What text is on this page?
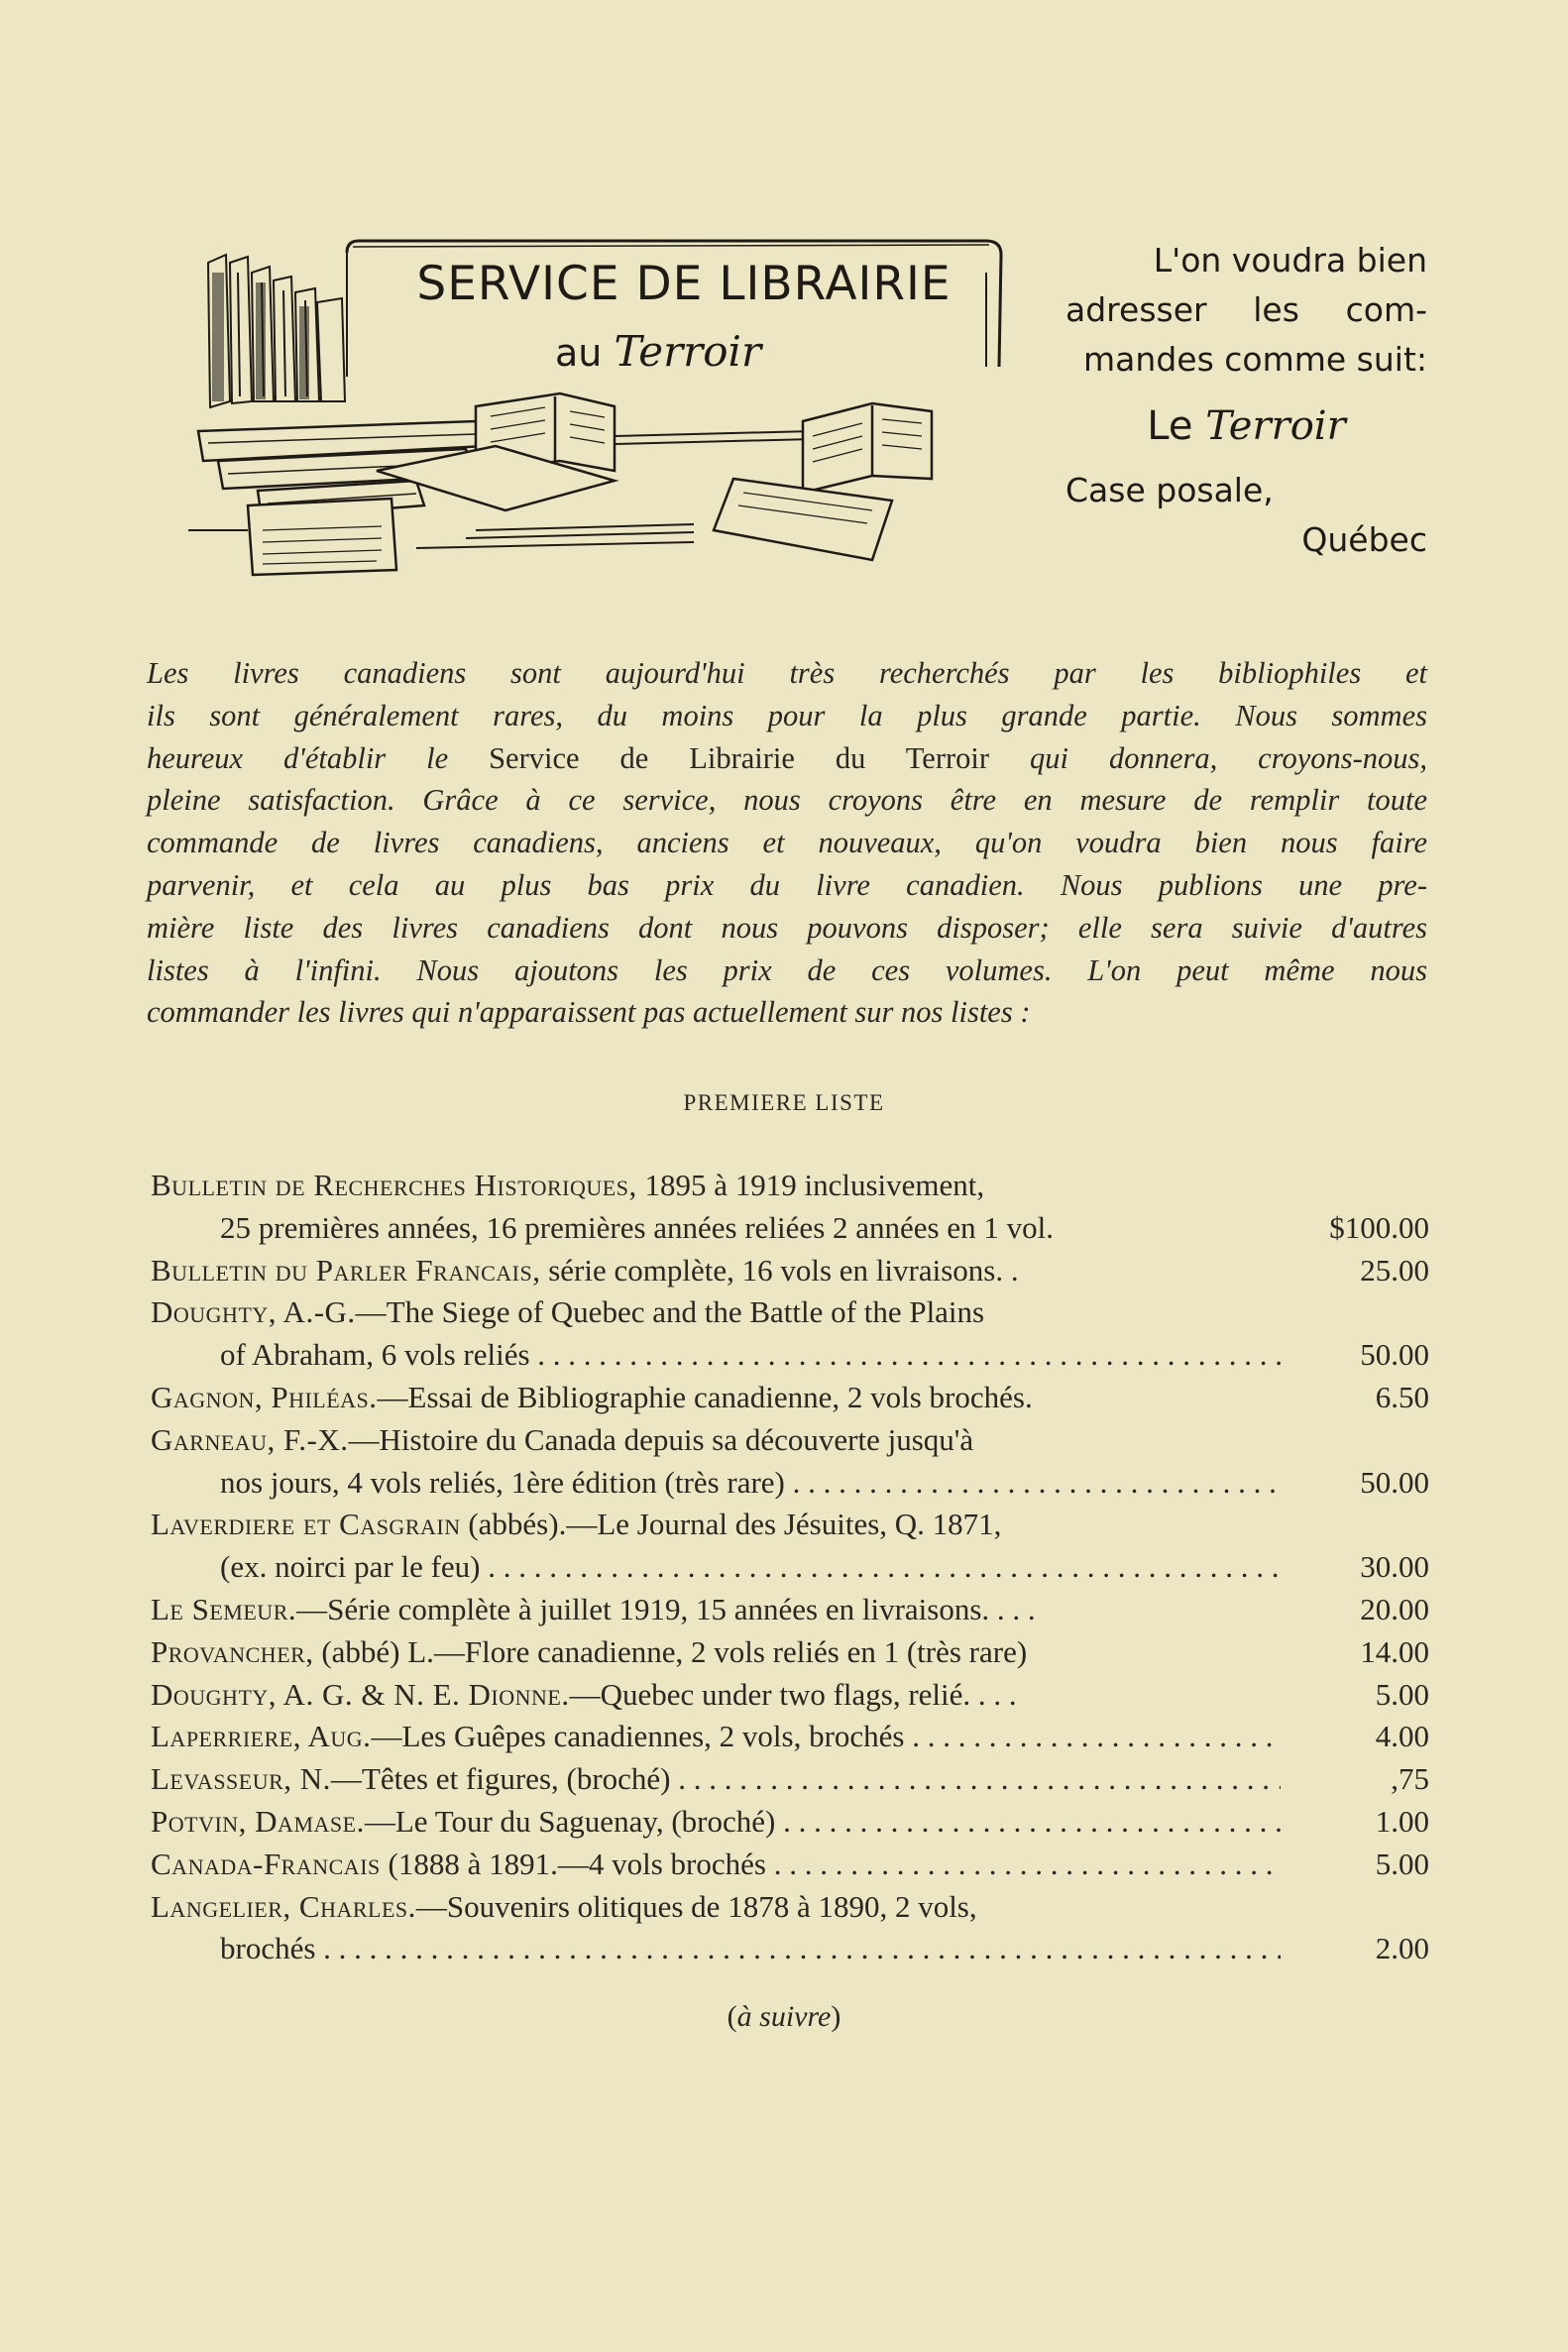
SERVICE DE LIBRAIRIE
au Terroir
L'on voudra bien
adresser les com-
mandes comme suit:
Le Terroir
Case posale,
Québec
Les livres canadiens sont aujourd'hui très recherchés par les bibliophiles et
ils sont généralement rares, du moins pour la plus grande partie. Nous sommes
heureux d'établir le Service de Librairie du Terroir qui donnera, croyons-nous,
pleine satisfaction. Grâce à ce service, nous croyons être en mesure de remplir toute
commande de livres canadiens, anciens et nouveaux, qu'on voudra bien nous faire
parvenir, et cela au plus bas prix du livre canadien. Nous publions une pre-
mière liste des livres canadiens dont nous pouvons disposer; elle sera suivie d'autres
listes à l'infini. Nous ajoutons les prix de ces volumes. L'on peut même nous
commander les livres qui n'apparaissent pas actuellement sur nos listes :
PREMIERE LISTE
Bulletin de Recherches Historiques, 1895 à 1919 inclusivement,
25 premières années, 16 premières années reliées 2 années en 1 vol.	$100.00
Bulletin du Parler Francais, série complète, 16 vols en livraisons. .	25.00
Doughty, A.-G.—The Siege of Quebec and the Battle of the Plains
of Abraham, 6 vols reliés . . .	50.00
Gagnon, Philéas.—Essai de Bibliographie canadienne, 2 vols brochés.	6.50
Garneau, F.-X.—Histoire du Canada depuis sa découverte jusqu'à
nos jours, 4 vols reliés, 1ère édition (très rare) . . .	50.00
Laverdiere et Casgrain (abbés).—Le Journal des Jésuites, Q. 1871,
(ex. noirci par le feu) . . .	30.00
Le Semeur.—Série complète à juillet 1919, 15 années en livraisons. . . .	20.00
Provancher, (abbé) L.—Flore canadienne, 2 vols reliés en 1 (très rare)	14.00
Doughty, A. G. & N. E. Dionne.—Quebec under two flags, relié. . . .	5.00
Laperriere, Aug.—Les Guêpes canadiennes, 2 vols, brochés . . .	4.00
Levasseur, N.—Têtes et figures, (broché) . . .	,75
Potvin, Damase.—Le Tour du Saguenay, (broché) . . .	1.00
Canada-Francais (1888 à 1891.—4 vols brochés . . .	5.00
Langelier, Charles.—Souvenirs olitiques de 1878 à 1890, 2 vols,
brochés . . .	2.00
(à suivre)
